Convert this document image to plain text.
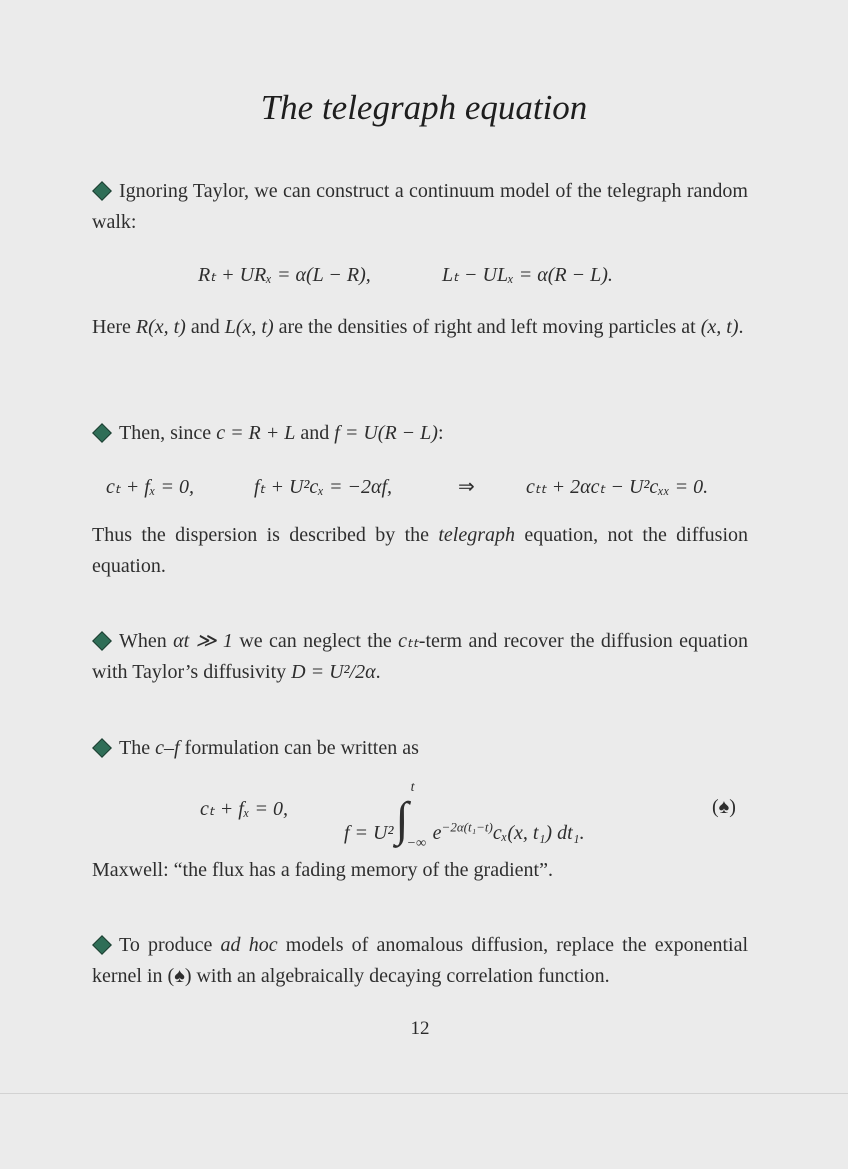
The telegraph equation
Ignoring Taylor, we can construct a continuum model of the telegraph random walk:
Rₜ + URₓ = α(L − R),	Lₜ − ULₓ = α(R − L).
Here R(x, t) and L(x, t) are the densities of right and left moving particles at (x, t).
Then, since c = R + L and f = U(R − L):
cₜ + fₓ = 0,	fₜ + U²cₓ = −2αf,	⇒	cₜₜ + 2αcₜ − U²cₓₓ = 0.
Thus the dispersion is described by the telegraph equation, not the diffusion equation.
When αt ≫ 1 we can neglect the cₜₜ-term and recover the diffusion equation with Taylor’s diffusivity D = U²/2α.
The c–f formulation can be written as
cₜ + fₓ = 0,
f = U²∫
t
−∞ $e^{-2\alpha(t_1-t)}c_x(x$, t₁) dt₁.
(♠)
Maxwell: “the flux has a fading memory of the gradient”.
To produce ad hoc models of anomalous diffusion, replace the exponential kernel in (♠) with an algebraically decaying correlation function.
12
